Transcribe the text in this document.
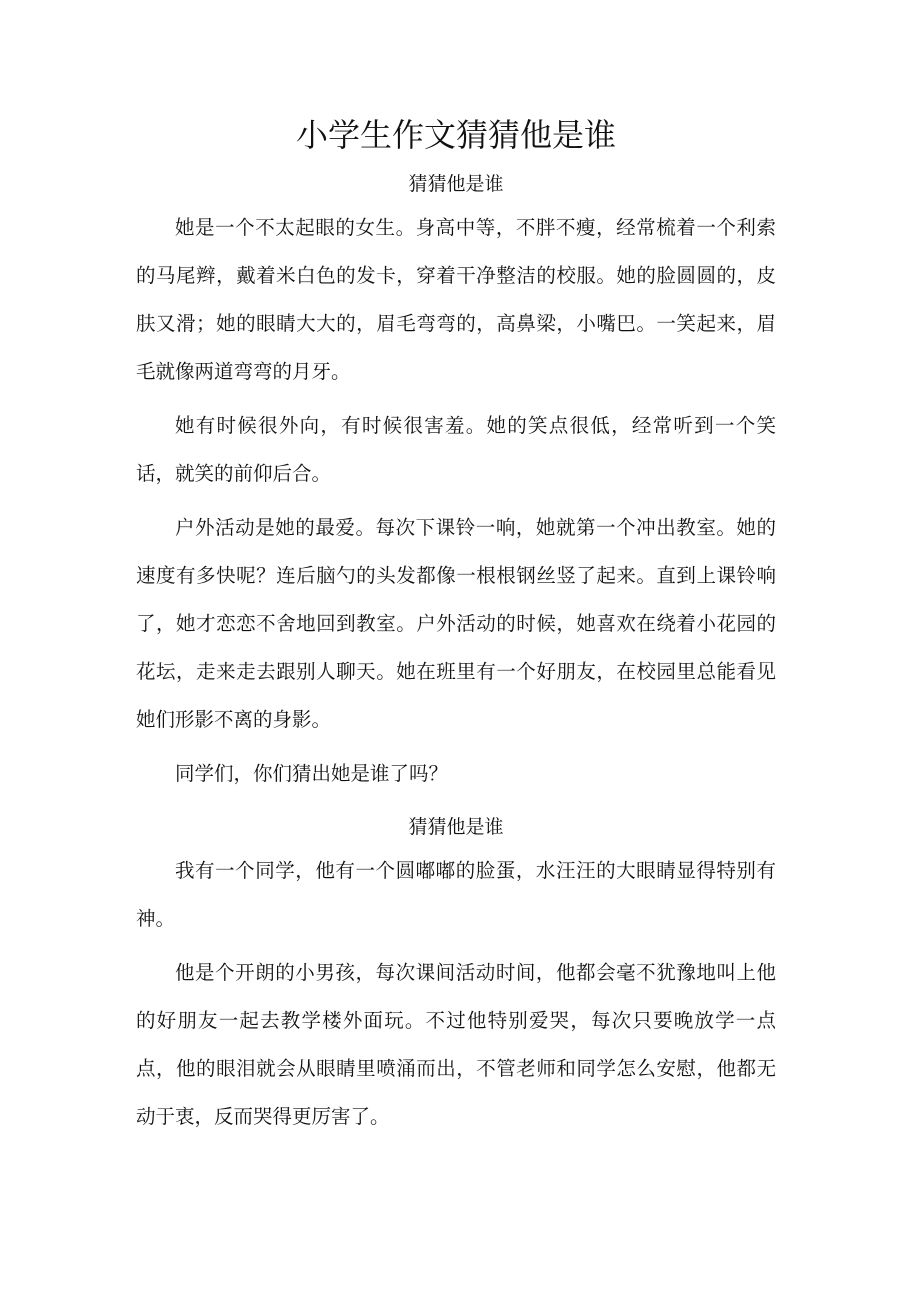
小学生作文猜猜他是谁
猜猜他是谁

她是一个不太起眼的女生。身高中等，不胖不瘦，经常梳着一个利索的马尾辫，戴着米白色的发卡，穿着干净整洁的校服。她的脸圆圆的，皮肤又滑；她的眼睛大大的，眉毛弯弯的，高鼻梁，小嘴巴。一笑起来，眉毛就像两道弯弯的月牙。

她有时候很外向，有时候很害羞。她的笑点很低，经常听到一个笑话，就笑的前仰后合。

户外活动是她的最爱。每次下课铃一响，她就第一个冲出教室。她的速度有多快呢？连后脑勺的头发都像一根根钢丝竖了起来。直到上课铃响了，她才恋恋不舍地回到教室。户外活动的时候，她喜欢在绕着小花园的花坛，走来走去跟别人聊天。她在班里有一个好朋友，在校园里总能看见她们形影不离的身影。

同学们，你们猜出她是谁了吗？

猜猜他是谁

我有一个同学，他有一个圆嘟嘟的脸蛋，水汪汪的大眼睛显得特别有神。

他是个开朗的小男孩，每次课间活动时间，他都会毫不犹豫地叫上他的好朋友一起去教学楼外面玩。不过他特别爱哭，每次只要晚放学一点点，他的眼泪就会从眼睛里喷涌而出，不管老师和同学怎么安慰，他都无动于衷，反而哭得更厉害了。
